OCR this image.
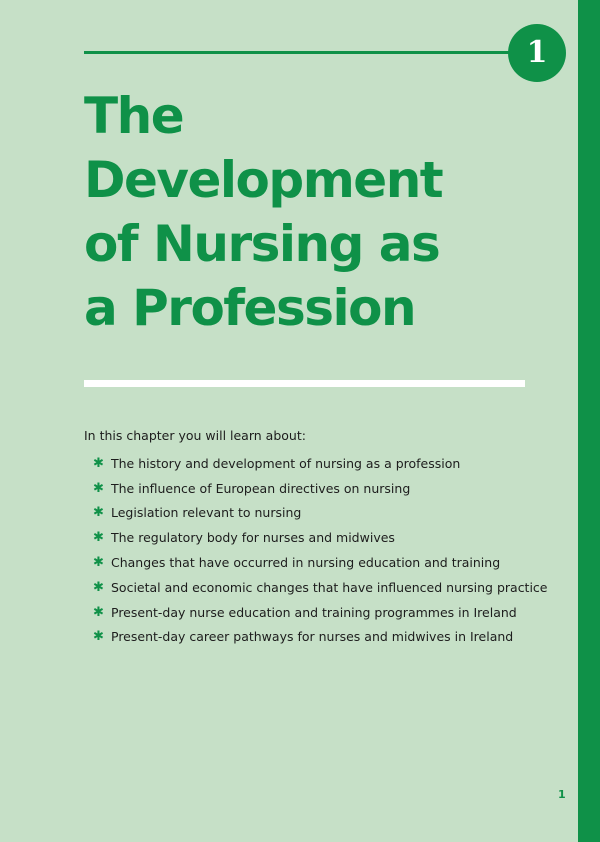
1
The
Development
of Nursing as
a Profession

In this chapter you will learn about:

✱ The history and development of nursing as a profession
✱ The influence of European directives on nursing
✱ Legislation relevant to nursing
✱ The regulatory body for nurses and midwives
✱ Changes that have occurred in nursing education and training
✱ Societal and economic changes that have influenced nursing practice
✱ Present-day nurse education and training programmes in Ireland
✱ Present-day career pathways for nurses and midwives in Ireland
1
